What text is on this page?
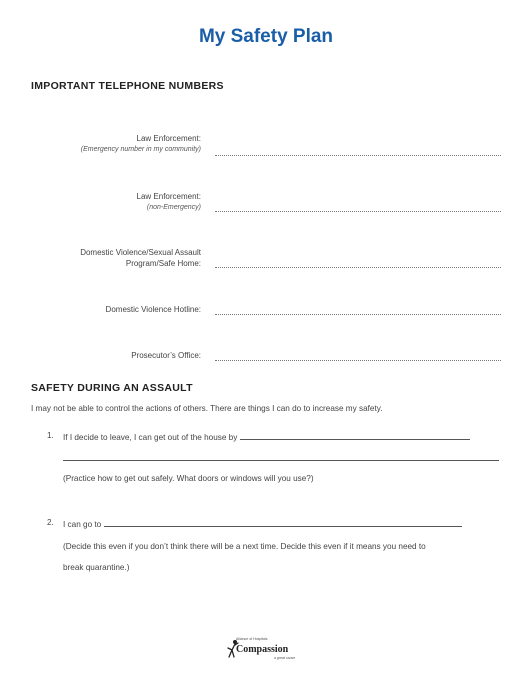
My Safety Plan
IMPORTANT TELEPHONE NUMBERS
Law Enforcement:
(Emergency number in my community)
Law Enforcement:
(non-Emergency)
Domestic Violence/Sexual Assault
Program/Safe Home:
Domestic Violence Hotline:
Prosecutor’s Office:
SAFETY DURING AN ASSAULT
I may not be able to control the actions of others. There are things I can do to increase my safety.
1. If I decide to leave, I can get out of the house by
(Practice how to get out safely. What doors or windows will you use?)
2. I can go to
(Decide this even if you don’t think there will be a next time. Decide this even if it means you need to
break quarantine.)
Alliance of Hospitals
Compassion
a great cause
